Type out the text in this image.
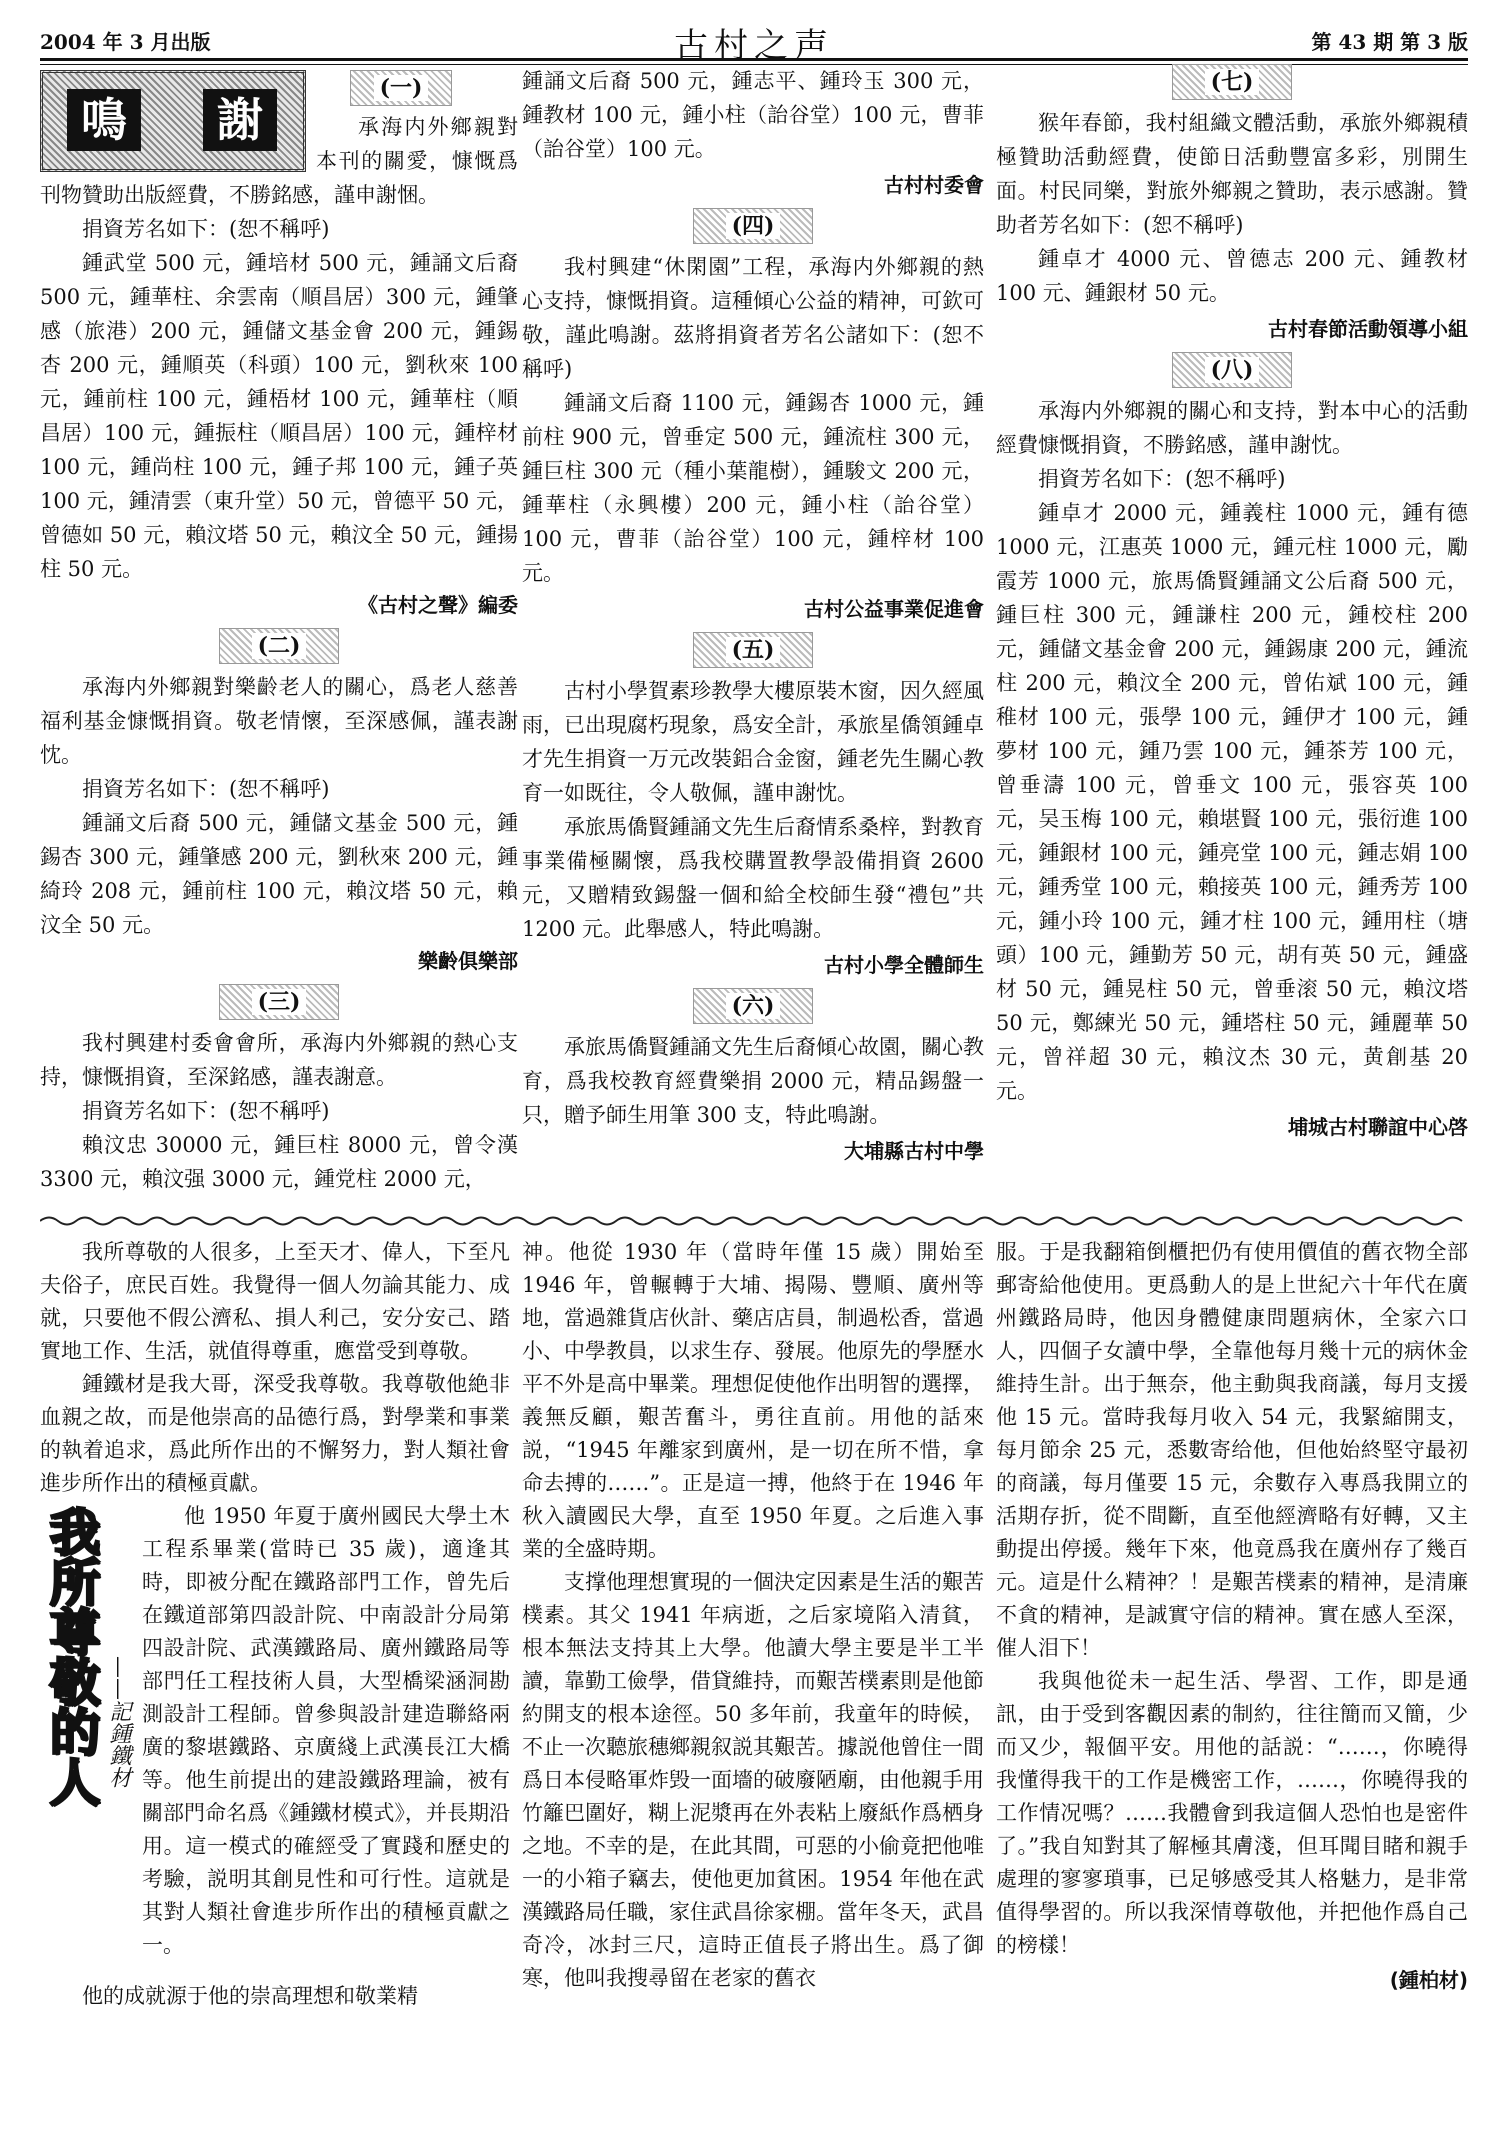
2004 年 3 月出版	古村之声	第 43 期 第 3 版
鳴	謝
(一)

承海内外鄉親對本刊的關愛，慷慨爲刊物贊助出版經費，不勝銘感，謹申謝悃。

捐資芳名如下：(恕不稱呼)

鍾武堂 500 元，鍾培材 500 元，鍾誦文后裔 500 元，鍾華柱、余雲南（順昌居）300 元，鍾肇感（旅港）200 元，鍾儲文基金會 200 元，鍾錫杏 200 元，鍾順英（科頭）100 元，劉秋來 100 元，鍾前柱 100 元，鍾梧材 100 元，鍾華柱（順昌居）100 元，鍾振柱（順昌居）100 元，鍾梓材 100 元，鍾尚柱 100 元，鍾子邦 100 元，鍾子英 100 元，鍾清雲（東升堂）50 元，曾德平 50 元，曾德如 50 元，賴汶塔 50 元，賴汶全 50 元，鍾揚柱 50 元。

《古村之聲》編委
(二)

承海内外鄉親對樂齡老人的關心，爲老人慈善福利基金慷慨捐資。敬老情懷，至深感佩，謹表謝忱。

捐資芳名如下：(恕不稱呼)

鍾誦文后裔 500 元，鍾儲文基金 500 元，鍾錫杏 300 元，鍾肇感 200 元，劉秋來 200 元，鍾綺玲 208 元，鍾前柱 100 元，賴汶塔 50 元，賴汶全 50 元。

樂齡俱樂部
(三)

我村興建村委會會所，承海内外鄉親的熱心支持，慷慨捐資，至深銘感，謹表謝意。

捐資芳名如下：(恕不稱呼)

賴汶忠 30000 元，鍾巨柱 8000 元，曾令漢 3300 元，賴汶强 3000 元，鍾党柱 2000 元，

鍾誦文后裔 500 元，鍾志平、鍾玲玉 300 元，鍾教材 100 元，鍾小柱（詒谷堂）100 元，曹菲（詒谷堂）100 元。

古村村委會
(四)

我村興建“休閑園”工程，承海内外鄉親的熱心支持，慷慨捐資。這種傾心公益的精神，可欽可敬，謹此鳴謝。茲將捐資者芳名公諸如下：(恕不稱呼)

鍾誦文后裔 1100 元，鍾錫杏 1000 元，鍾前柱 900 元，曾垂定 500 元，鍾流柱 300 元，鍾巨柱 300 元（種小葉龍樹），鍾駿文 200 元，鍾華柱（永興樓）200 元，鍾小柱（詒谷堂）100 元，曹菲（詒谷堂）100 元，鍾梓材 100 元。

古村公益事業促進會
(五)

古村小學賀素珍教學大樓原裝木窗，因久經風雨，已出現腐朽現象，爲安全計，承旅星僑領鍾卓才先生捐資一万元改裝鋁合金窗，鍾老先生關心教育一如既往，令人敬佩，謹申謝忱。

承旅馬僑賢鍾誦文先生后裔情系桑梓，對教育事業備極關懷，爲我校購置教學設備捐資 2600 元，又贈精致錫盤一個和給全校師生發“禮包”共 1200 元。此舉感人，特此鳴謝。

古村小學全體師生
(六)

承旅馬僑賢鍾誦文先生后裔傾心故園，關心教育，爲我校教育經費樂捐 2000 元，精品錫盤一只，贈予師生用筆 300 支，特此鳴謝。

大埔縣古村中學
(七)

猴年春節，我村組織文體活動，承旅外鄉親積極贊助活動經費，使節日活動豐富多彩，別開生面。村民同樂，對旅外鄉親之贊助，表示感謝。贊助者芳名如下：(恕不稱呼)

鍾卓才 4000 元、曾德志 200 元、鍾教材 100 元、鍾銀材 50 元。

古村春節活動領導小組
(八)

承海内外鄉親的關心和支持，對本中心的活動經費慷慨捐資，不勝銘感，謹申謝忱。

捐資芳名如下：(恕不稱呼)

鍾卓才 2000 元，鍾義柱 1000 元，鍾有德 1000 元，江惠英 1000 元，鍾元柱 1000 元，勵霞芳 1000 元，旅馬僑賢鍾誦文公后裔 500 元，鍾巨柱 300 元，鍾謙柱 200 元，鍾校柱 200 元，鍾儲文基金會 200 元，鍾錫康 200 元，鍾流柱 200 元，賴汶全 200 元，曾佑斌 100 元，鍾稚材 100 元，張學 100 元，鍾伊才 100 元，鍾夢材 100 元，鍾乃雲 100 元，鍾茶芳 100 元，曾垂濤 100 元，曾垂文 100 元，張容英 100 元，吴玉梅 100 元，賴堪賢 100 元，張衍進 100 元，鍾銀材 100 元，鍾亮堂 100 元，鍾志娟 100 元，鍾秀堂 100 元，賴接英 100 元，鍾秀芳 100 元，鍾小玲 100 元，鍾才柱 100 元，鍾用柱（塘頭）100 元，鍾勤芳 50 元，胡有英 50 元，鍾盛材 50 元，鍾晃柱 50 元，曾垂滚 50 元，賴汶塔 50 元，鄭練光 50 元，鍾塔柱 50 元，鍾麗華 50 元，曾祥超 30 元，賴汶杰 30 元，黄創基 20 元。

埔城古村聯誼中心啓

我所尊敬的人很多，上至天才、偉人，下至凡夫俗子，庶民百姓。我覺得一個人勿論其能力、成就，只要他不假公濟私、損人利己，安分安己、踏實地工作、生活，就值得尊重，應當受到尊敬。

鍾鐵材是我大哥，深受我尊敬。我尊敬他絶非血親之故，而是他崇高的品德行爲，對學業和事業的執着追求，爲此所作出的不懈努力，對人類社會進步所作出的積極貢獻。

我所尊敬的人 ——記鍾鐵材

他 1950 年夏于廣州國民大學土木工程系畢業(當時已 35 歲)，適逢其時，即被分配在鐵路部門工作，曾先后在鐵道部第四設計院、中南設計分局第四設計院、武漢鐵路局、廣州鐵路局等部門任工程技術人員，大型橋梁涵洞勘測設計工程師。曾參與設計建造聯絡兩廣的黎堪鐵路、京廣綫上武漢長江大橋等。他生前提出的建設鐵路理論，被有關部門命名爲《鍾鐵材模式》，并長期沿用。這一模式的確經受了實踐和歷史的考驗，説明其創見性和可行性。這就是其對人類社會進步所作出的積極貢獻之一。

他的成就源于他的崇高理想和敬業精

神。他從 1930 年（當時年僅 15 歲）開始至 1946 年，曾輾轉于大埔、揭陽、豐順、廣州等地，當過雜貨店伙計、藥店店員，制過松香，當過小、中學教員，以求生存、發展。他原先的學歷水平不外是高中畢業。理想促使他作出明智的選擇，義無反顧，艱苦奮斗，勇往直前。用他的話來説，“1945 年離家到廣州，是一切在所不惜，拿命去搏的……”。正是這一搏，他終于在 1946 年秋入讀國民大學，直至 1950 年夏。之后進入事業的全盛時期。

支撑他理想實現的一個決定因素是生活的艱苦樸素。其父 1941 年病逝，之后家境陷入清貧，根本無法支持其上大學。他讀大學主要是半工半讀，靠勤工儉學，借貸維持，而艱苦樸素則是他節約開支的根本途徑。50 多年前，我童年的時候，不止一次聽旅穗鄉親叙説其艱苦。據説他曾住一間爲日本侵略軍炸毁一面墻的破廢陋廟，由他親手用竹籬巴圍好，糊上泥漿再在外表粘上廢紙作爲栖身之地。不幸的是，在此其間，可惡的小偷竟把他唯一的小箱子竊去，使他更加貧困。1954 年他在武漢鐵路局任職，家住武昌徐家棚。當年冬天，武昌奇冷，冰封三尺，這時正值長子將出生。爲了御寒，他叫我搜尋留在老家的舊衣

服。于是我翻箱倒櫃把仍有使用價值的舊衣物全部郵寄給他使用。更爲動人的是上世紀六十年代在廣州鐵路局時，他因身體健康問題病休，全家六口人，四個子女讀中學，全靠他每月幾十元的病休金維持生計。出于無奈，他主動與我商議，每月支援他 15 元。當時我每月收入 54 元，我緊縮開支，每月節余 25 元，悉數寄给他，但他始終堅守最初的商議，每月僅要 15 元，余數存入專爲我開立的活期存折，從不間斷，直至他經濟略有好轉，又主動提出停援。幾年下來，他竟爲我在廣州存了幾百元。這是什么精神？！是艱苦樸素的精神，是清廉不貪的精神，是誠實守信的精神。實在感人至深，催人泪下！

我與他從未一起生活、學習、工作，即是通訊，由于受到客觀因素的制約，往往簡而又簡，少而又少，報個平安。用他的話説：“……，你曉得我懂得我干的工作是機密工作，……，你曉得我的工作情况嗎？……我體會到我這個人恐怕也是密件了。”我自知對其了解極其膚淺，但耳聞目睹和親手處理的寥寥瑣事，已足够感受其人格魅力，是非常值得學習的。所以我深情尊敬他，并把他作爲自己的榜樣！

(鍾柏材)
